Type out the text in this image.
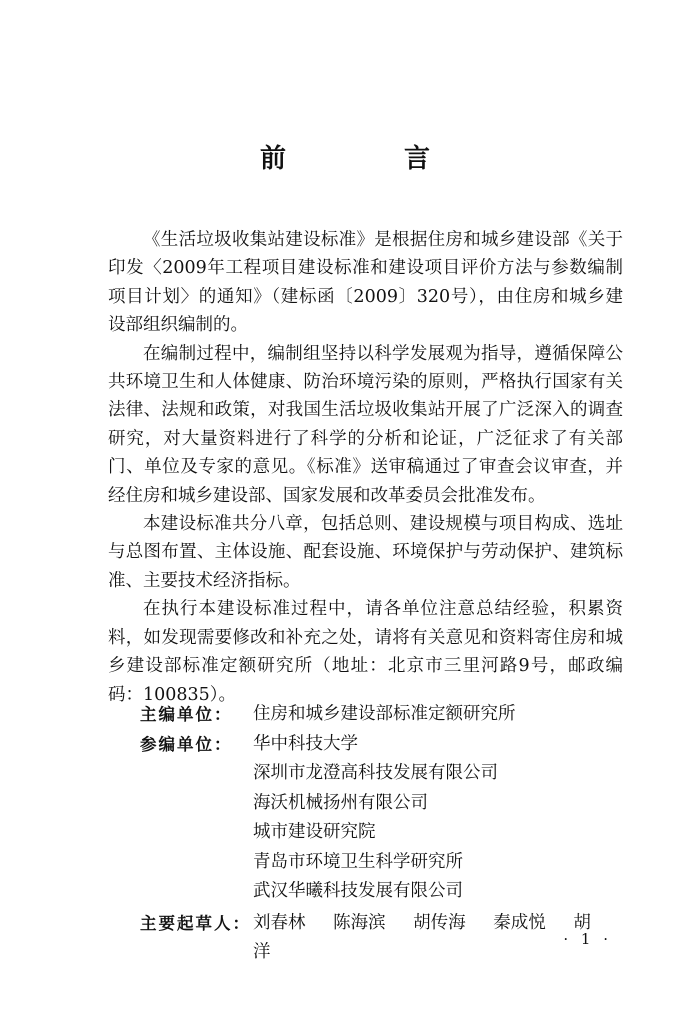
前　言

《生活垃圾收集站建设标准》是根据住房和城乡建设部《关于印发〈2009年工程项目建设标准和建设项目评价方法与参数编制项目计划〉的通知》（建标函〔2009〕320号），由住房和城乡建设部组织编制的。

在编制过程中，编制组坚持以科学发展观为指导，遵循保障公共环境卫生和人体健康、防治环境污染的原则，严格执行国家有关法律、法规和政策，对我国生活垃圾收集站开展了广泛深入的调查研究，对大量资料进行了科学的分析和论证，广泛征求了有关部门、单位及专家的意见。《标准》送审稿通过了审查会议审查，并经住房和城乡建设部、国家发展和改革委员会批准发布。

本建设标准共分八章，包括总则、建设规模与项目构成、选址与总图布置、主体设施、配套设施、环境保护与劳动保护、建筑标准、主要技术经济指标。

在执行本建设标准过程中，请各单位注意总结经验，积累资料，如发现需要修改和补充之处，请将有关意见和资料寄住房和城乡建设部标准定额研究所（地址：北京市三里河路9号，邮政编码：100835）。

主编单位：	住房和城乡建设部标准定额研究所
参编单位：	华中科技大学
深圳市龙澄高科技发展有限公司
海沃机械扬州有限公司
城市建设研究院
青岛市环境卫生科学研究所
武汉华曦科技发展有限公司
主要起草人： 刘春林 陈海滨 胡传海 秦成悦 胡　洋
· 1 ·
